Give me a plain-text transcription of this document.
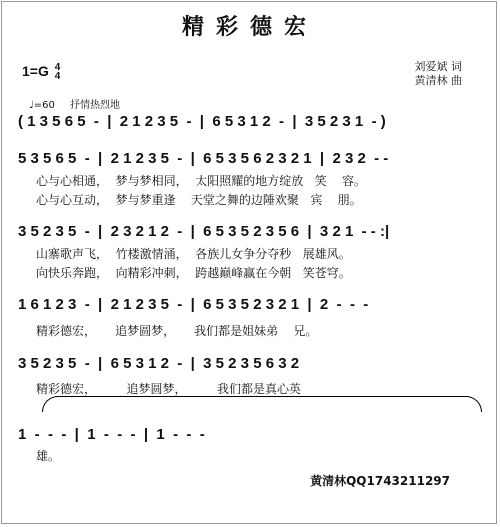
精彩德宏
1=G 4
4
刘爱斌 词
黄清林 曲
♩=60 抒情热烈地
( 1 3 5 6 5  -  |  2 1 2 3 5  -  |  6 5 3 1 2  -  |  3 5 2 3 1  - )
5 3 5 6 5  -  |  2 1 2 3 5  -  |  6 5 3 5 6 2 3 2 1  |  2 3 2  - -
心与心相通，  梦与梦相同，  太阳照耀的地方绽放   笑    容。
心与心互动，  梦与梦重逢    天堂之舞的边陲欢聚   宾    朋。
3 5 2 3 5  -  |  2 3 2 1 2  -  |  6 5 3 5 2 3 5 6  |  3 2 1  - - :|
山寨歌声飞，  竹楼激情涌，  各族儿女争分夺秒   展雄风。
向快乐奔跑，  向精彩冲刺，  跨越巅峰赢在今朝   笑苍穹。
1 6 1 2 3  -  |  2 1 2 3 5  -  |  6 5 3 5 2 3 2 1  |  2  -  -  -
精彩德宏，     追梦圆梦，     我们都是姐妹弟    兄。
3 5 2 3 5  -  |  6 5 3 1 2  -  |  3 5 2 3 5 6 3 2
精彩德宏，        追梦圆梦，        我们都是真心英
1  -  -  -  |  1  -  -  -  |  1  -  -  -
雄。
黄清林QQ1743211297
